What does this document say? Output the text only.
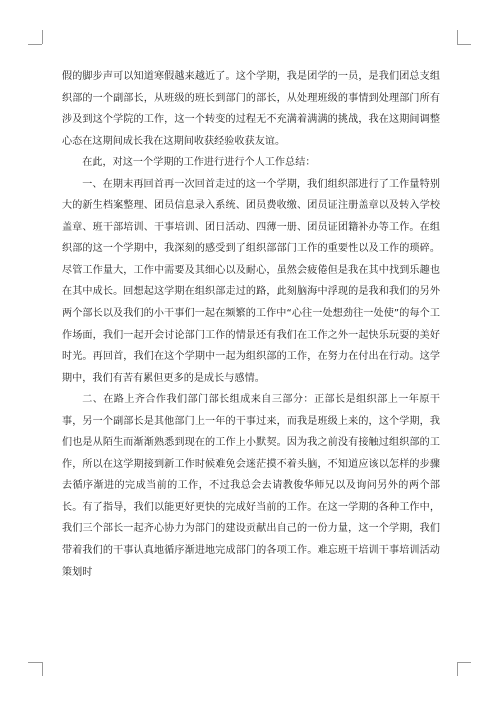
假的脚步声可以知道寒假越来越近了。这个学期，我是团学的一员，是我们团总支组织部的一个副部长，从班级的班长到部门的部长，从处理班级的事情到处理部门所有涉及到这个学院的工作，这一个转变的过程无不充满着满满的挑战，我在这期间调整心态在这期间成长我在这期间收获经验收获友谊。

在此，对这一个学期的工作进行进行个人工作总结：

一、在期末再回首再一次回首走过的这一个学期，我们组织部进行了工作量特别大的新生档案整理、团员信息录入系统、团员费收缴、团员证注册盖章以及转入学校盖章、班干部培训、干事培训、团日活动、四薄一册、团员证团籍补办等工作。在组织部的这一个学期中，我深刻的感受到了组织部部门工作的重要性以及工作的琐碎。尽管工作量大，工作中需要及其细心以及耐心，虽然会疲倦但是我在其中找到乐趣也在其中成长。回想起这学期在组织部走过的路，此刻脑海中浮现的是我和我们的另外两个部长以及我们的小干事们一起在频繁的工作中“心往一处想劲往一处使”的每个工作场面，我们一起开会讨论部门工作的情景还有我们在工作之外一起快乐玩耍的美好时光。再回首，我们在这个学期中一起为组织部的工作，在努力在付出在行动。这学期中，我们有苦有累但更多的是成长与感情。

二、在路上齐合作我们部门部长组成来自三部分：正部长是组织部上一年原干事，另一个副部长是其他部门上一年的干事过来，而我是班级上来的，这个学期，我们也是从陌生而渐渐熟悉到现在的工作上小默契。因为我之前没有接触过组织部的工作，所以在这学期接到新工作时候难免会迷茫摸不着头脑，不知道应该以怎样的步骤去循序渐进的完成当前的工作，不过我总会去请教俊华师兄以及询问另外的两个部长。有了指导，我们以能更好更快的完成好当前的工作。在这一学期的各种工作中，我们三个部长一起齐心协力为部门的建设贡献出自己的一份力量，这一个学期，我们带着我们的干事认真地循序渐进地完成部门的各项工作。难忘班干培训干事培训活动策划时
